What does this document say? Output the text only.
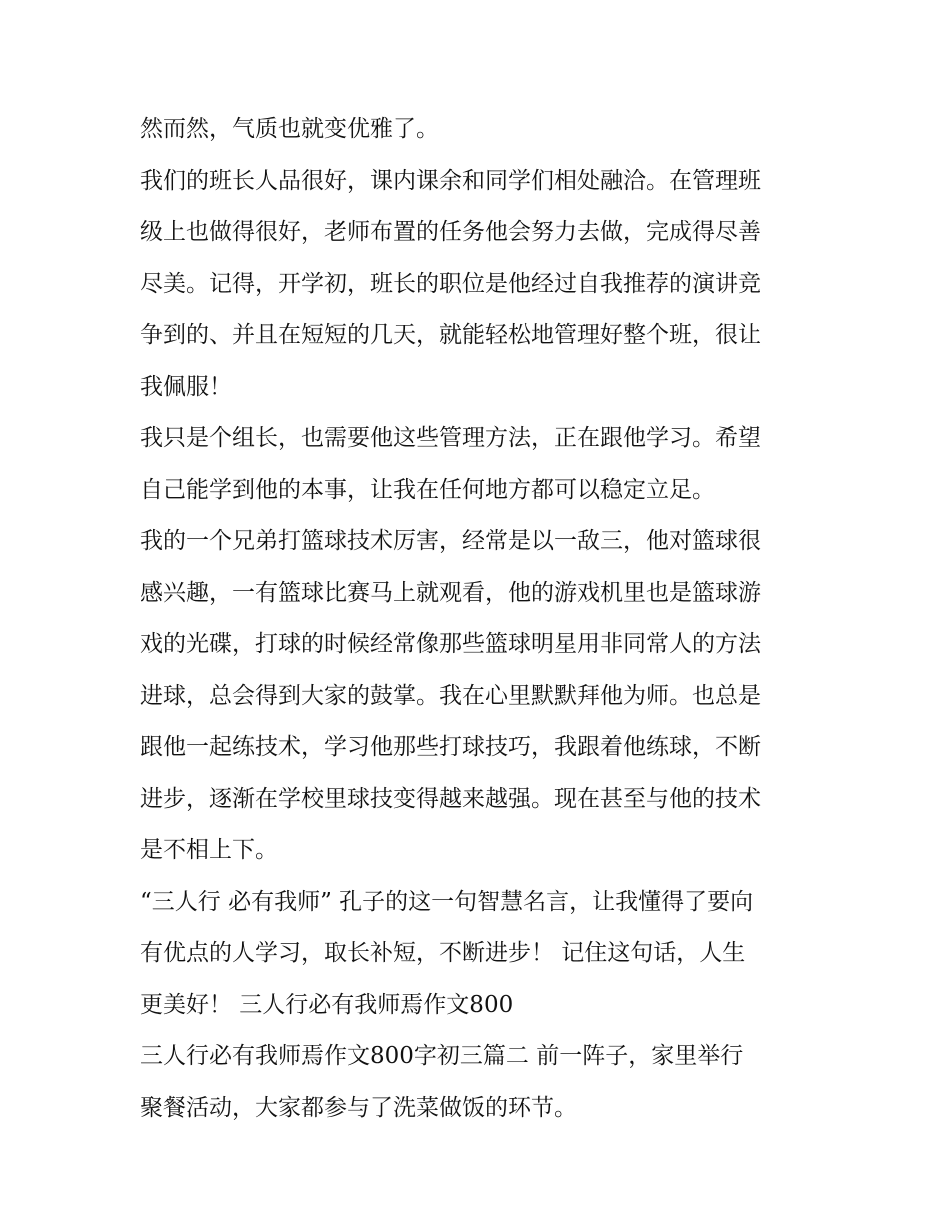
然而然，气质也就变优雅了。
我们的班长人品很好，课内课余和同学们相处融洽。在管理班
级上也做得很好，老师布置的任务他会努力去做，完成得尽善
尽美。记得，开学初，班长的职位是他经过自我推荐的演讲竞
争到的、并且在短短的几天，就能轻松地管理好整个班，很让
我佩服！
我只是个组长，也需要他这些管理方法，正在跟他学习。希望
自己能学到他的本事，让我在任何地方都可以稳定立足。
我的一个兄弟打篮球技术厉害，经常是以一敌三，他对篮球很
感兴趣，一有篮球比赛马上就观看，他的游戏机里也是篮球游
戏的光碟，打球的时候经常像那些篮球明星用非同常人的方法
进球，总会得到大家的鼓掌。我在心里默默拜他为师。也总是
跟他一起练技术，学习他那些打球技巧，我跟着他练球，不断
进步，逐渐在学校里球技变得越来越强。现在甚至与他的技术
是不相上下。
“三人行 必有我师” 孔子的这一句智慧名言，让我懂得了要向
有优点的人学习，取长补短，不断进步！ 记住这句话，人生
更美好！ 三人行必有我师焉作文800
三人行必有我师焉作文800字初三篇二 前一阵子，家里举行
聚餐活动，大家都参与了洗菜做饭的环节。
